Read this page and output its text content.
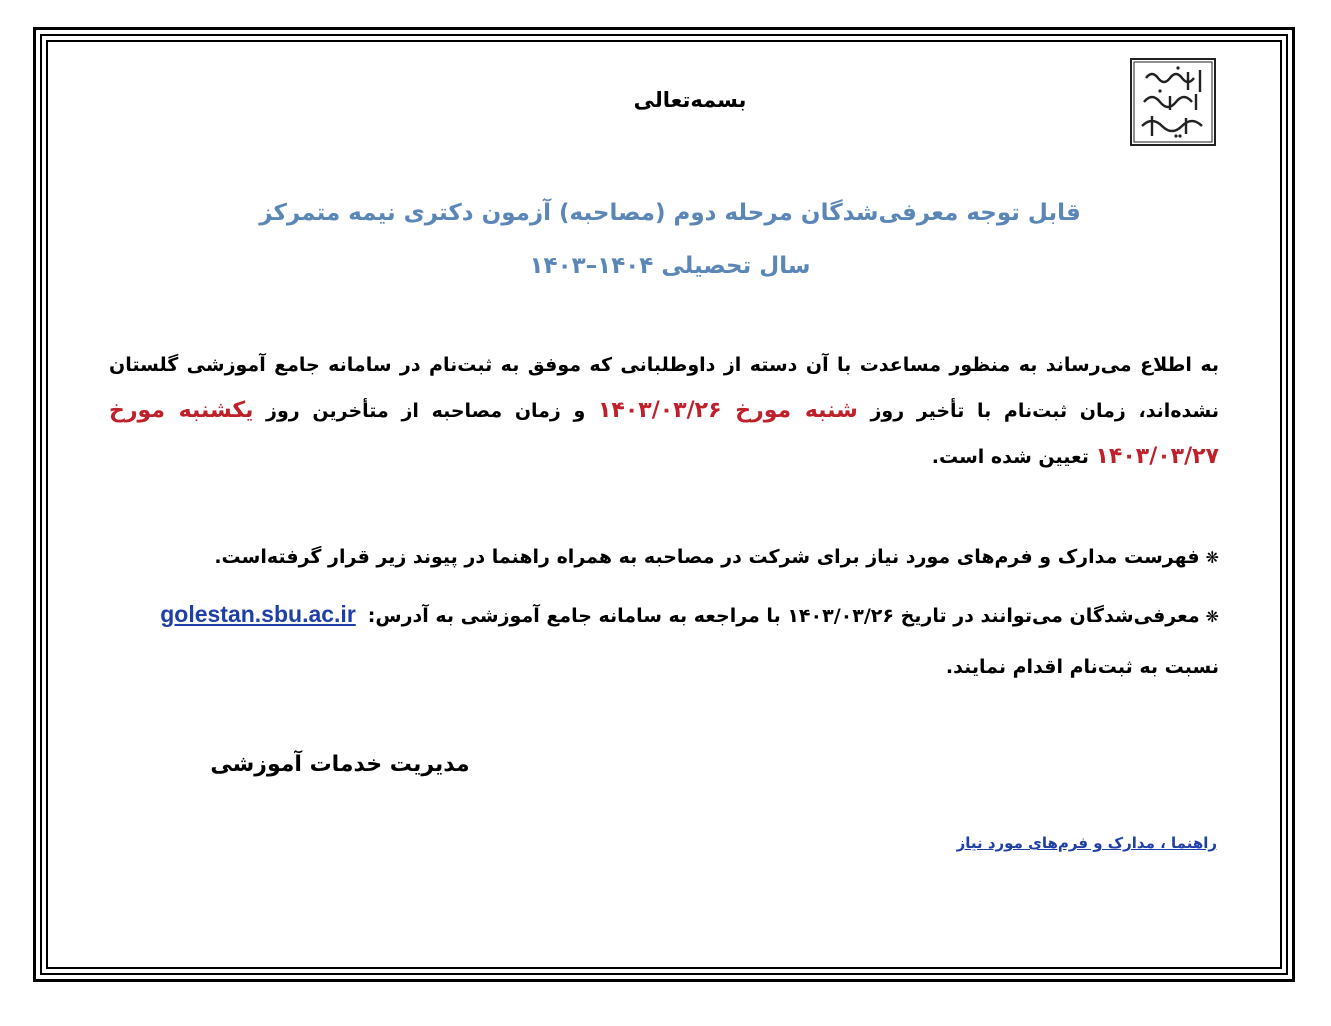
بسمه‌تعالی
قابل توجه معرفی‌شدگان مرحله دوم (مصاحبه) آزمون دکتری نیمه متمرکز
سال تحصیلی ۱۴۰۴–۱۴۰۳
به اطلاع می‌رساند به منظور مساعدت با آن دسته از داوطلبانی که موفق به ثبت‌نام در سامانه جامع آموزشی گلستان نشده‌اند، زمان ثبت‌نام با تأخیر روز شنبه مورخ ۱۴۰۳/۰۳/۲۶ و زمان مصاحبه از متأخرین روز یکشنبه مورخ ۱۴۰۳/۰۳/۲۷ تعیین شده است.
❋فهرست مدارک و فرم‌های مورد نیاز برای شرکت در مصاحبه به همراه راهنما در پیوند زیر قرار گرفته‌است.
❋معرفی‌شدگان می‌توانند در تاریخ ۱۴۰۳/۰۳/۲۶ با مراجعه به سامانه جامع آموزشی به آدرس:golestan.sbu.ac.ir
نسبت به ثبت‌نام اقدام نمایند.
مدیریت خدمات آموزشی
راهنما ، مدارک و فرم‌های مورد نیاز
